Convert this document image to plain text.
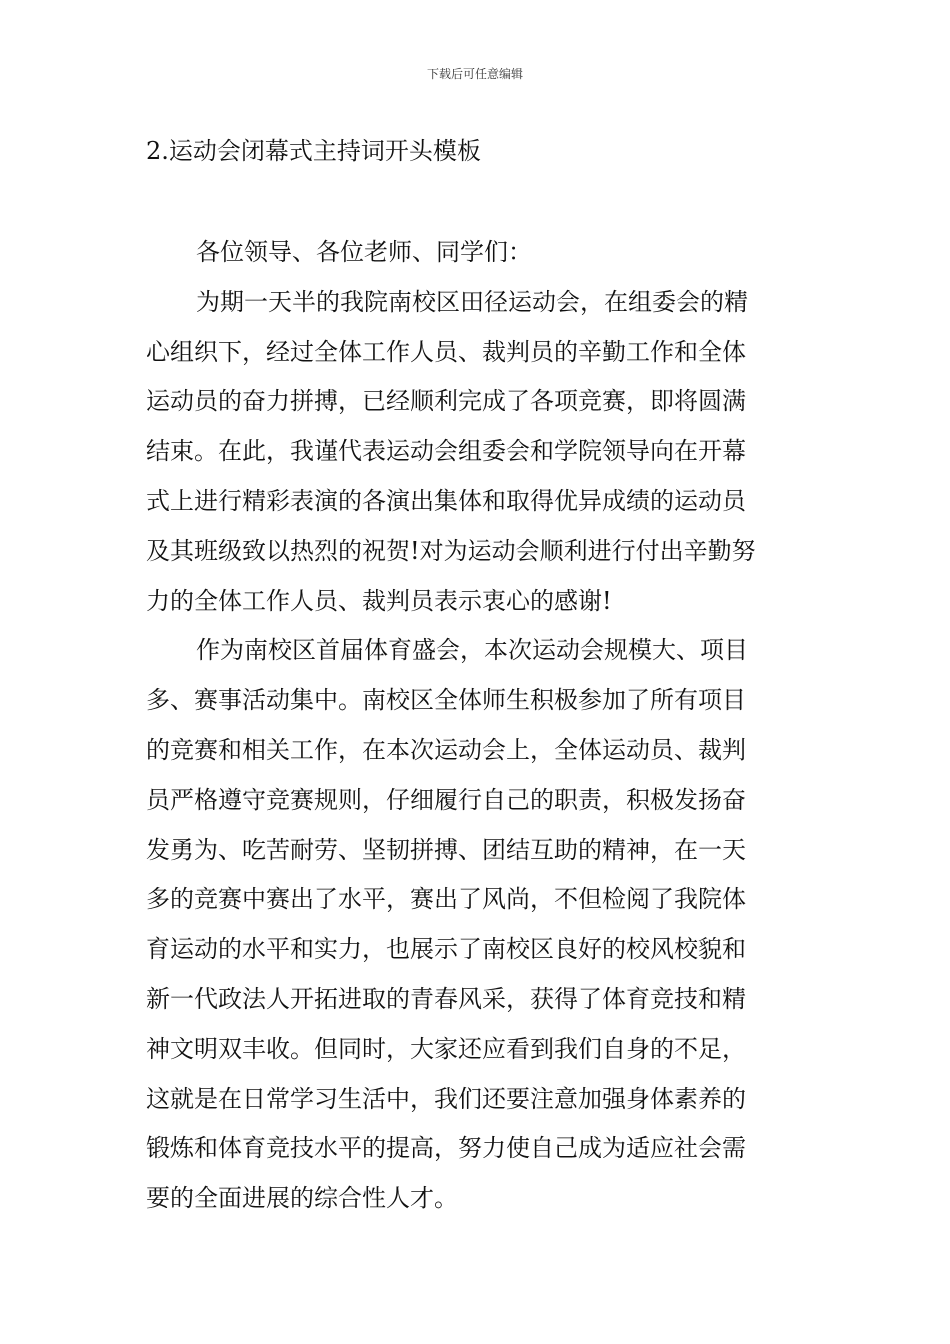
下载后可任意编辑
2.运动会闭幕式主持词开头模板
各位领导、各位老师、同学们：
为期一天半的我院南校区田径运动会，在组委会的精
心组织下，经过全体工作人员、裁判员的辛勤工作和全体
运动员的奋力拼搏，已经顺利完成了各项竞赛，即将圆满
结束。在此，我谨代表运动会组委会和学院领导向在开幕
式上进行精彩表演的各演出集体和取得优异成绩的运动员
及其班级致以热烈的祝贺!对为运动会顺利进行付出辛勤努
力的全体工作人员、裁判员表示衷心的感谢!
作为南校区首届体育盛会，本次运动会规模大、项目
多、赛事活动集中。南校区全体师生积极参加了所有项目
的竞赛和相关工作，在本次运动会上，全体运动员、裁判
员严格遵守竞赛规则，仔细履行自己的职责，积极发扬奋
发勇为、吃苦耐劳、坚韧拼搏、团结互助的精神，在一天
多的竞赛中赛出了水平，赛出了风尚，不但检阅了我院体
育运动的水平和实力，也展示了南校区良好的校风校貌和
新一代政法人开拓进取的青春风采，获得了体育竞技和精
神文明双丰收。但同时，大家还应看到我们自身的不足，
这就是在日常学习生活中，我们还要注意加强身体素养的
锻炼和体育竞技水平的提高，努力使自己成为适应社会需
要的全面进展的综合性人才。
